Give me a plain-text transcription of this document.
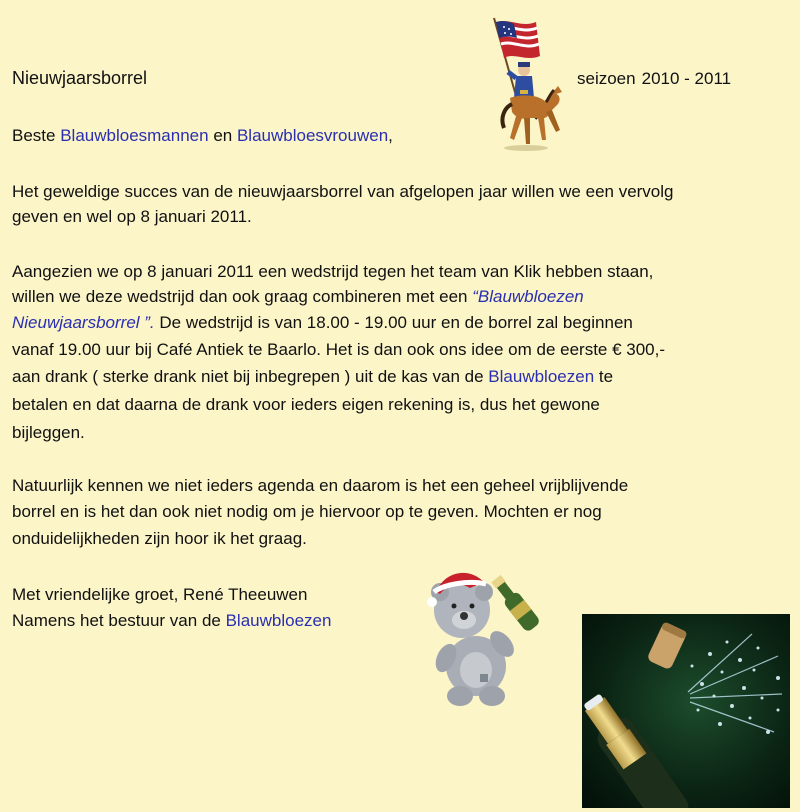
Nieuwjaarsborrel	seizoen 2010 - 2011
Beste Blauwbloesmannen en Blauwbloesvrouwen,
Het geweldige succes van de nieuwjaarsborrel van afgelopen jaar willen we een vervolg
geven en wel op 8 januari 2011.
Aangezien we op 8 januari 2011 een wedstrijd tegen het team van Klik hebben staan,
willen we deze wedstrijd dan ook graag combineren met een “Blauwbloezen
Nieuwjaarsborrel ”. De wedstrijd is van 18.00 - 19.00 uur en de borrel zal beginnen
vanaf 19.00 uur bij Café Antiek te Baarlo. Het is dan ook ons idee om de eerste € 300,-
aan drank ( sterke drank niet bij inbegrepen ) uit de kas van de Blauwbloezen te
betalen en dat daarna de drank voor ieders eigen rekening is, dus het gewone
bijleggen.
Natuurlijk kennen we niet ieders agenda en daarom is het een geheel vrijblijvende
borrel en is het dan ook niet nodig om je hiervoor op te geven. Mochten er nog
onduidelijkheden zijn hoor ik het graag.
Met vriendelijke groet, René Theeuwen
Namens het bestuur van de Blauwbloezen
